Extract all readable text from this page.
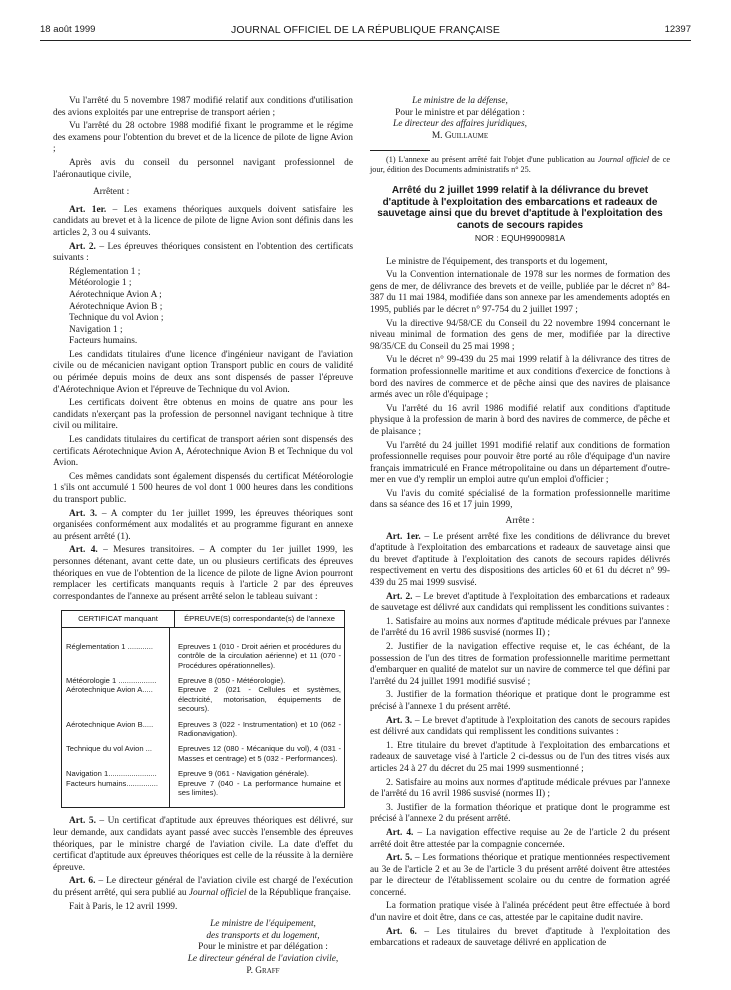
18 août 1999	JOURNAL OFFICIEL DE LA RÉPUBLIQUE FRANÇAISE	12397

Vu l'arrêté du 5 novembre 1987 modifié relatif aux conditions d'utilisation des avions exploités par une entreprise de transport aérien ;

Vu l'arrêté du 28 octobre 1988 modifié fixant le programme et le régime des examens pour l'obtention du brevet et de la licence de pilote de ligne Avion ;

Après avis du conseil du personnel navigant professionnel de l'aéronautique civile,

Arrêtent :

Art. 1er. – Les examens théoriques auxquels doivent satisfaire les candidats au brevet et à la licence de pilote de ligne Avion sont définis dans les articles 2, 3 ou 4 suivants.

Art. 2. – Les épreuves théoriques consistent en l'obtention des certificats suivants :

Réglementation 1 ;

Météorologie 1 ;

Aérotechnique Avion A ;

Aérotechnique Avion B ;

Technique du vol Avion ;

Navigation 1 ;

Facteurs humains.

Les candidats titulaires d'une licence d'ingénieur navigant de l'aviation civile ou de mécanicien navigant option Transport public en cours de validité ou périmée depuis moins de deux ans sont dispensés de passer l'épreuve d'Aérotechnique Avion et l'épreuve de Technique du vol Avion.

Les certificats doivent être obtenus en moins de quatre ans pour les candidats n'exerçant pas la profession de personnel navigant technique à titre civil ou militaire.

Les candidats titulaires du certificat de transport aérien sont dispensés des certificats Aérotechnique Avion A, Aérotechnique Avion B et Technique du vol Avion.

Ces mêmes candidats sont également dispensés du certificat Météorologie 1 s'ils ont accumulé 1 500 heures de vol dont 1 000 heures dans les conditions du transport public.

Art. 3. – A compter du 1er juillet 1999, les épreuves théoriques sont organisées conformément aux modalités et au programme figurant en annexe au présent arrêté (1).

Art. 4. – Mesures transitoires. – A compter du 1er juillet 1999, les personnes détenant, avant cette date, un ou plusieurs certificats des épreuves théoriques en vue de l'obtention de la licence de pilote de ligne Avion pourront remplacer les certificats manquants requis à l'article 2 par des épreuves correspondantes de l'annexe au présent arrêté selon le tableau suivant :

CERTIFICAT manquant	ÉPREUVE(S) correspondante(s) de l'annexe
Réglementation 1 ............	Epreuves 1 (010 - Droit aérien et procédures du contrôle de la circulation aérienne) et 11 (070 - Procédures opérationnelles).
Météorologie 1 ..................	Epreuve 8 (050 - Météorologie).
Aérotechnique Avion A.....	Epreuve 2 (021 - Cellules et systèmes, électricité, motorisation, équipements de secours).
Aérotechnique Avion B.....	Epreuves 3 (022 - Instrumentation) et 10 (062 - Radionavigation).
Technique du vol Avion ...	Epreuves 12 (080 - Mécanique du vol), 4 (031 - Masses et centrage) et 5 (032 - Performances).
Navigation 1.......................	Epreuve 9 (061 - Navigation générale).
Facteurs humains...............	Epreuve 7 (040 - La performance humaine et ses limites).

Art. 5. – Un certificat d'aptitude aux épreuves théoriques est délivré, sur leur demande, aux candidats ayant passé avec succès l'ensemble des épreuves théoriques, par le ministre chargé de l'aviation civile. La date d'effet du certificat d'aptitude aux épreuves théoriques est celle de la réussite à la dernière épreuve.

Art. 6. – Le directeur général de l'aviation civile est chargé de l'exécution du présent arrêté, qui sera publié au Journal officiel de la République française.

Fait à Paris, le 12 avril 1999.

Le ministre de l'équipement,
des transports et du logement,
Pour le ministre et par délégation :
Le directeur général de l'aviation civile,
P. Graff
Le ministre de la défense,
Pour le ministre et par délégation :
Le directeur des affaires juridiques,
M. Guillaume

(1) L'annexe au présent arrêté fait l'objet d'une publication au Journal officiel de ce jour, édition des Documents administratifs n° 25.

Arrêté du 2 juillet 1999 relatif à la délivrance du brevet d'aptitude à l'exploitation des embarcations et radeaux de sauvetage ainsi que du brevet d'aptitude à l'exploitation des canots de secours rapides
NOR : EQUH9900981A

Le ministre de l'équipement, des transports et du logement,

Vu la Convention internationale de 1978 sur les normes de formation des gens de mer, de délivrance des brevets et de veille, publiée par le décret n° 84-387 du 11 mai 1984, modifiée dans son annexe par les amendements adoptés en 1995, publiés par le décret n° 97-754 du 2 juillet 1997 ;

Vu la directive 94/58/CE du Conseil du 22 novembre 1994 concernant le niveau minimal de formation des gens de mer, modifiée par la directive 98/35/CE du Conseil du 25 mai 1998 ;

Vu le décret n° 99-439 du 25 mai 1999 relatif à la délivrance des titres de formation professionnelle maritime et aux conditions d'exercice de fonctions à bord des navires de commerce et de pêche ainsi que des navires de plaisance armés avec un rôle d'équipage ;

Vu l'arrêté du 16 avril 1986 modifié relatif aux conditions d'aptitude physique à la profession de marin à bord des navires de commerce, de pêche et de plaisance ;

Vu l'arrêté du 24 juillet 1991 modifié relatif aux conditions de formation professionnelle requises pour pouvoir être porté au rôle d'équipage d'un navire français immatriculé en France métropolitaine ou dans un département d'outre-mer en vue d'y remplir un emploi autre qu'un emploi d'officier ;

Vu l'avis du comité spécialisé de la formation professionnelle maritime dans sa séance des 16 et 17 juin 1999,

Arrête :

Art. 1er. – Le présent arrêté fixe les conditions de délivrance du brevet d'aptitude à l'exploitation des embarcations et radeaux de sauvetage ainsi que du brevet d'aptitude à l'exploitation des canots de secours rapides délivrés respectivement en vertu des dispositions des articles 60 et 61 du décret n° 99-439 du 25 mai 1999 susvisé.

Art. 2. – Le brevet d'aptitude à l'exploitation des embarcations et radeaux de sauvetage est délivré aux candidats qui remplissent les conditions suivantes :

1. Satisfaire au moins aux normes d'aptitude médicale prévues par l'annexe de l'arrêté du 16 avril 1986 susvisé (normes II) ;

2. Justifier de la navigation effective requise et, le cas échéant, de la possession de l'un des titres de formation professionnelle maritime permettant d'embarquer en qualité de matelot sur un navire de commerce tel que défini par l'arrêté du 24 juillet 1991 modifié susvisé ;

3. Justifier de la formation théorique et pratique dont le programme est précisé à l'annexe 1 du présent arrêté.

Art. 3. – Le brevet d'aptitude à l'exploitation des canots de secours rapides est délivré aux candidats qui remplissent les conditions suivantes :

1. Etre titulaire du brevet d'aptitude à l'exploitation des embarcations et radeaux de sauvetage visé à l'article 2 ci-dessus ou de l'un des titres visés aux articles 24 à 27 du décret du 25 mai 1999 susmentionné ;

2. Satisfaire au moins aux normes d'aptitude médicale prévues par l'annexe de l'arrêté du 16 avril 1986 susvisé (normes II) ;

3. Justifier de la formation théorique et pratique dont le programme est précisé à l'annexe 2 du présent arrêté.

Art. 4. – La navigation effective requise au 2e de l'article 2 du présent arrêté doit être attestée par la compagnie concernée.

Art. 5. – Les formations théorique et pratique mentionnées respectivement au 3e de l'article 2 et au 3e de l'article 3 du présent arrêté doivent être attestées par le directeur de l'établissement scolaire ou du centre de formation agréé concerné.

La formation pratique visée à l'alinéa précédent peut être effectuée à bord d'un navire et doit être, dans ce cas, attestée par le capitaine dudit navire.

Art. 6. – Les titulaires du brevet d'aptitude à l'exploitation des embarcations et radeaux de sauvetage délivré en application de
